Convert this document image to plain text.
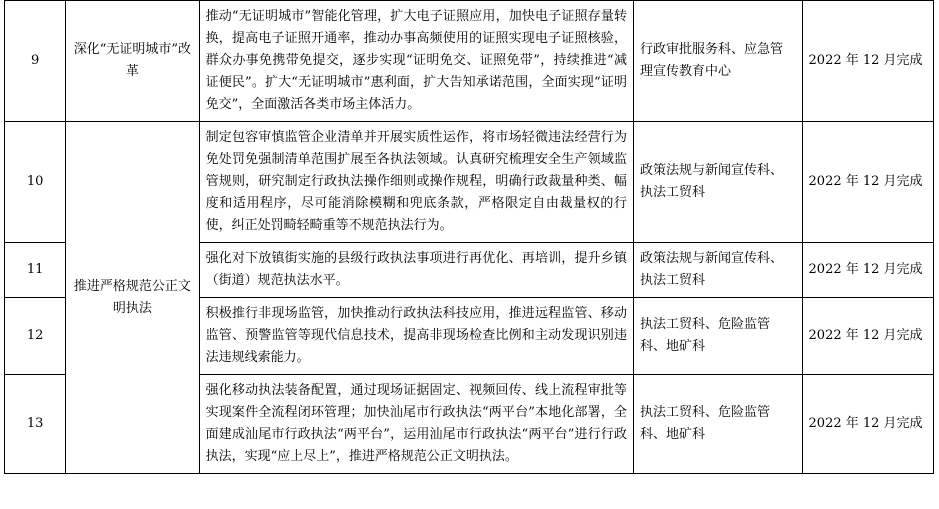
9	深化“无证明城市”改革	推动“无证明城市”智能化管理，扩大电子证照应用，加快电子证照存量转换，提高电子证照开通率，推动办事高频使用的证照实现电子证照核验，群众办事免携带免提交，逐步实现“证明免交、证照免带”，持续推进“减证便民”。扩大“无证明城市”惠利面，扩大告知承诺范围，全面实现“证明免交”，全面激活各类市场主体活力。	行政审批服务科、应急管理宣传教育中心	2022 年 12 月完成
10	推进严格规范公正文明执法	制定包容审慎监管企业清单并开展实质性运作，将市场轻微违法经营行为免处罚免强制清单范围扩展至各执法领域。认真研究梳理安全生产领域监管规则，研究制定行政执法操作细则或操作规程，明确行政裁量种类、幅度和适用程序，尽可能消除模糊和兜底条款，严格限定自由裁量权的行使，纠正处罚畸轻畸重等不规范执法行为。	政策法规与新闻宣传科、执法工贸科	2022 年 12 月完成
11		强化对下放镇街实施的县级行政执法事项进行再优化、再培训，提升乡镇（街道）规范执法水平。	政策法规与新闻宣传科、执法工贸科	2022 年 12 月完成
12		积极推行非现场监管，加快推动行政执法科技应用，推进远程监管、移动监管、预警监管等现代信息技术，提高非现场检查比例和主动发现识别违法违规线索能力。	执法工贸科、危险监管科、地矿科	2022 年 12 月完成
13		强化移动执法装备配置，通过现场证据固定、视频回传、线上流程审批等实现案件全流程闭环管理；加快汕尾市行政执法“两平台”本地化部署，全面建成汕尾市行政执法“两平台”，运用汕尾市行政执法“两平台”进行行政执法，实现“应上尽上”，推进严格规范公正文明执法。	执法工贸科、危险监管科、地矿科	2022 年 12 月完成
